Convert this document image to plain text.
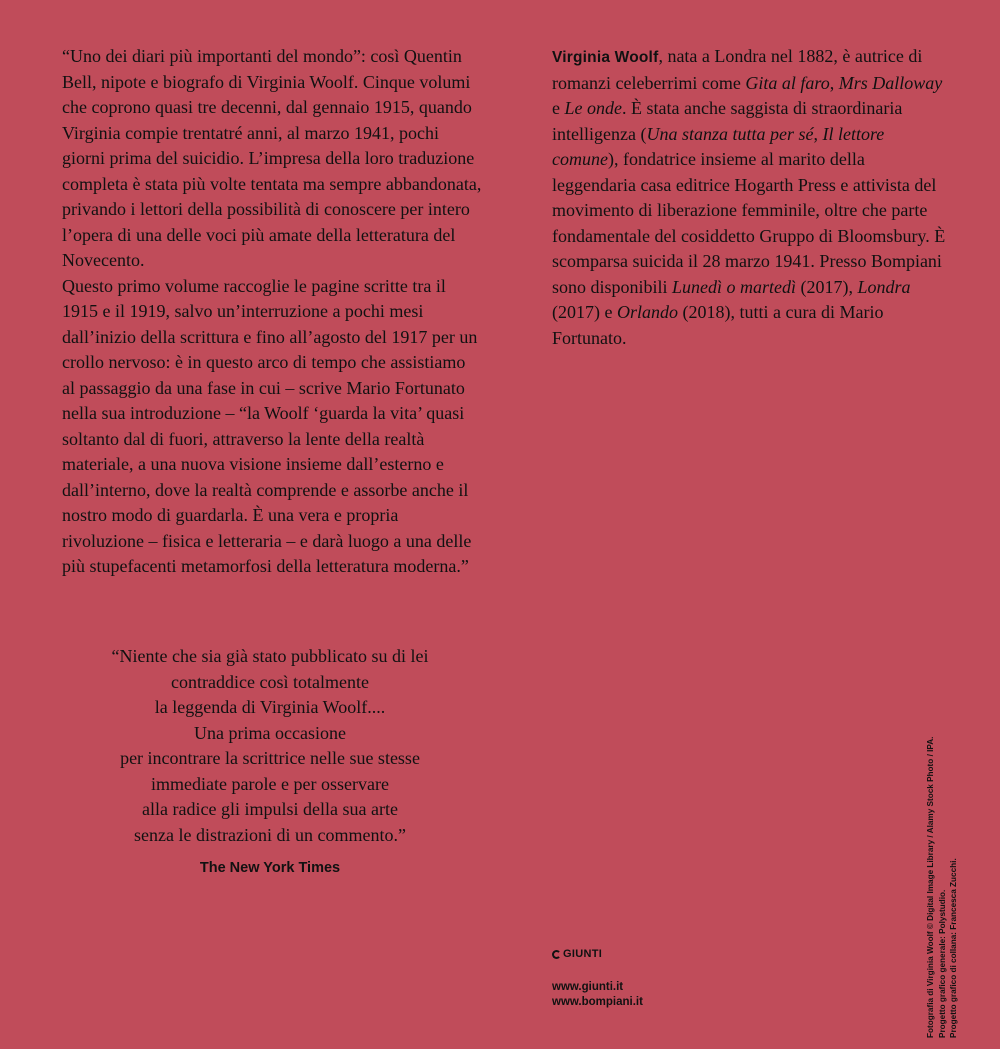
“Uno dei diari più importanti del mondo”: così Quentin Bell, nipote e biografo di Virginia Woolf. Cinque volumi che coprono quasi tre decenni, dal gennaio 1915, quando Virginia compie trentatré anni, al marzo 1941, pochi giorni prima del suicidio. L’impresa della loro traduzione completa è stata più volte tentata ma sempre abbandonata, privando i lettori della possibilità di conoscere per intero l’opera di una delle voci più amate della letteratura del Novecento.

Questo primo volume raccoglie le pagine scritte tra il 1915 e il 1919, salvo un’interruzione a pochi mesi dall’inizio della scrittura e fino all’agosto del 1917 per un crollo nervoso: è in questo arco di tempo che assistiamo al passaggio da una fase in cui – scrive Mario Fortunato nella sua introduzione – “la Woolf ‘guarda la vita’ quasi soltanto dal di fuori, attraverso la lente della realtà materiale, a una nuova visione insieme dall’esterno e dall’interno, dove la realtà comprende e assorbe anche il nostro modo di guardarla. È una vera e propria rivoluzione – fisica e letteraria – e darà luogo a una delle più stupefacenti metamorfosi della letteratura moderna.”

Virginia Woolf, nata a Londra nel 1882, è autrice di romanzi celeberrimi come Gita al faro, Mrs Dalloway e Le onde. È stata anche saggista di straordinaria intelligenza (Una stanza tutta per sé, Il lettore comune), fondatrice insieme al marito della leggendaria casa editrice Hogarth Press e attivista del movimento di liberazione femminile, oltre che parte fondamentale del cosiddetto Gruppo di Bloomsbury. È scomparsa suicida il 28 marzo 1941. Presso Bompiani sono disponibili Lunedì o martedì (2017), Londra (2017) e Orlando (2018), tutti a cura di Mario Fortunato.

“Niente che sia già stato pubblicato su di lei
contraddice così totalmente
la leggenda di Virginia Woolf....
Una prima occasione
per incontrare la scrittrice nelle sue stesse
immediate parole e per osservare
alla radice gli impulsi della sua arte
senza le distrazioni di un commento.”
The New York Times
GIUNTI
www.giunti.it
www.bompiani.it	Fotografia di Virginia Woolf © Digital Image Library / Alamy Stock Photo / IPA. Progetto grafico generale: Polystudio. Progetto grafico di collana: Francesca Zucchi.
